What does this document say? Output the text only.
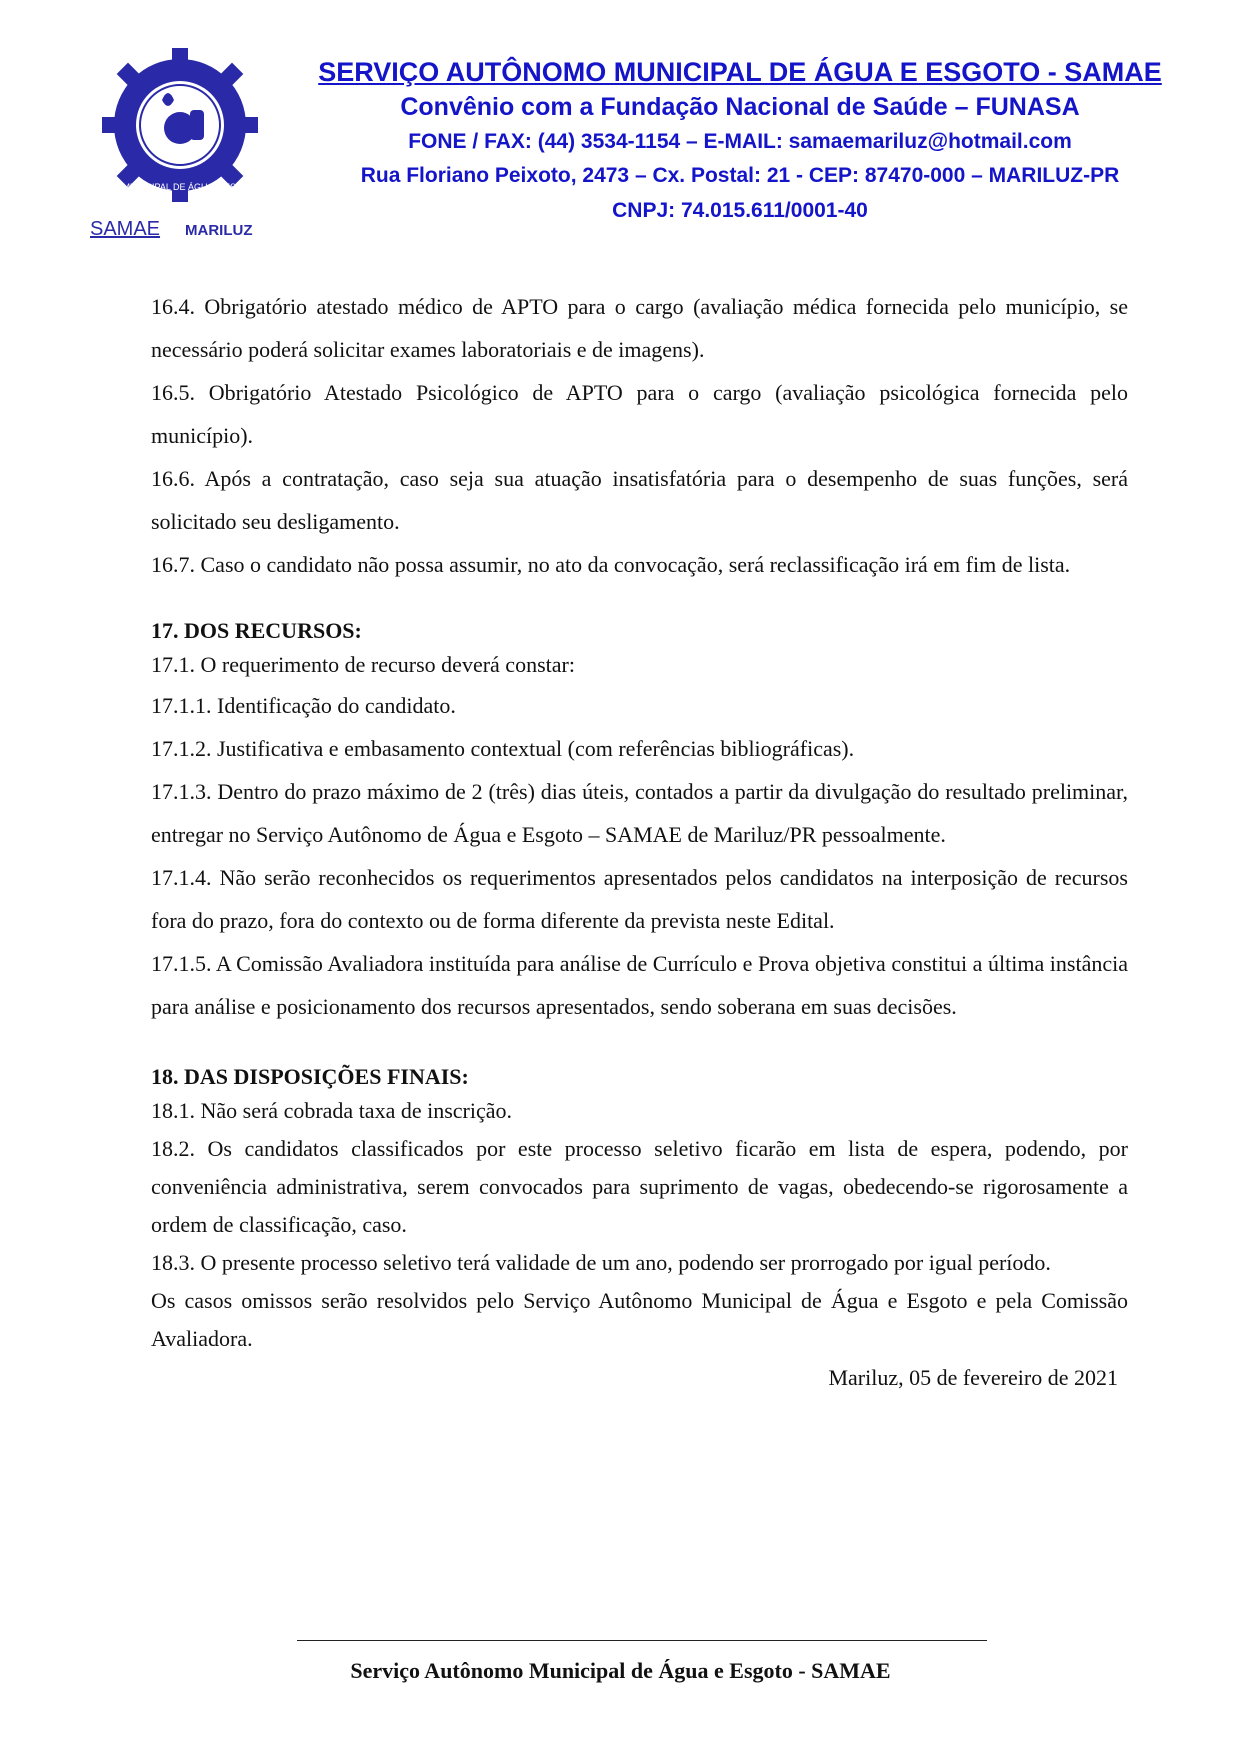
SERVIÇO AUT. MUNICIPAL DE ÁGUA E ESGOTO - SAMAE
SAMAE MARILUZ
SERVIÇO AUTÔNOMO MUNICIPAL DE ÁGUA E ESGOTO - SAMAE
Convênio com a Fundação Nacional de Saúde – FUNASA
FONE / FAX: (44) 3534-1154 – E-MAIL: samaemariluz@hotmail.com
Rua Floriano Peixoto, 2473 – Cx. Postal: 21 - CEP: 87470-000 – MARILUZ-PR
CNPJ: 74.015.611/0001-40

16.4. Obrigatório atestado médico de APTO para o cargo (avaliação médica fornecida pelo município, se necessário poderá solicitar exames laboratoriais e de imagens).

16.5. Obrigatório Atestado Psicológico de APTO para o cargo (avaliação psicológica fornecida pelo município).

16.6. Após a contratação, caso seja sua atuação insatisfatória para o desempenho de suas funções, será solicitado seu desligamento.

16.7. Caso o candidato não possa assumir, no ato da convocação, será reclassificação irá em fim de lista.

17. DOS RECURSOS:

17.1. O requerimento de recurso deverá constar:

17.1.1. Identificação do candidato.

17.1.2. Justificativa e embasamento contextual (com referências bibliográficas).

17.1.3. Dentro do prazo máximo de 2 (três) dias úteis, contados a partir da divulgação do resultado preliminar, entregar no Serviço Autônomo de Água e Esgoto – SAMAE de Mariluz/PR pessoalmente.

17.1.4. Não serão reconhecidos os requerimentos apresentados pelos candidatos na interposição de recursos fora do prazo, fora do contexto ou de forma diferente da prevista neste Edital.

17.1.5. A Comissão Avaliadora instituída para análise de Currículo e Prova objetiva constitui a última instância para análise e posicionamento dos recursos apresentados, sendo soberana em suas decisões.

18. DAS DISPOSIÇÕES FINAIS:

18.1. Não será cobrada taxa de inscrição.

18.2. Os candidatos classificados por este processo seletivo ficarão em lista de espera, podendo, por conveniência administrativa, serem convocados para suprimento de vagas, obedecendo-se rigorosamente a ordem de classificação, caso.

18.3. O presente processo seletivo terá validade de um ano, podendo ser prorrogado por igual período.

Os casos omissos serão resolvidos pelo Serviço Autônomo Municipal de Água e Esgoto e pela Comissão Avaliadora.

Mariluz, 05 de fevereiro de 2021

Serviço Autônomo Municipal de Água e Esgoto - SAMAE
